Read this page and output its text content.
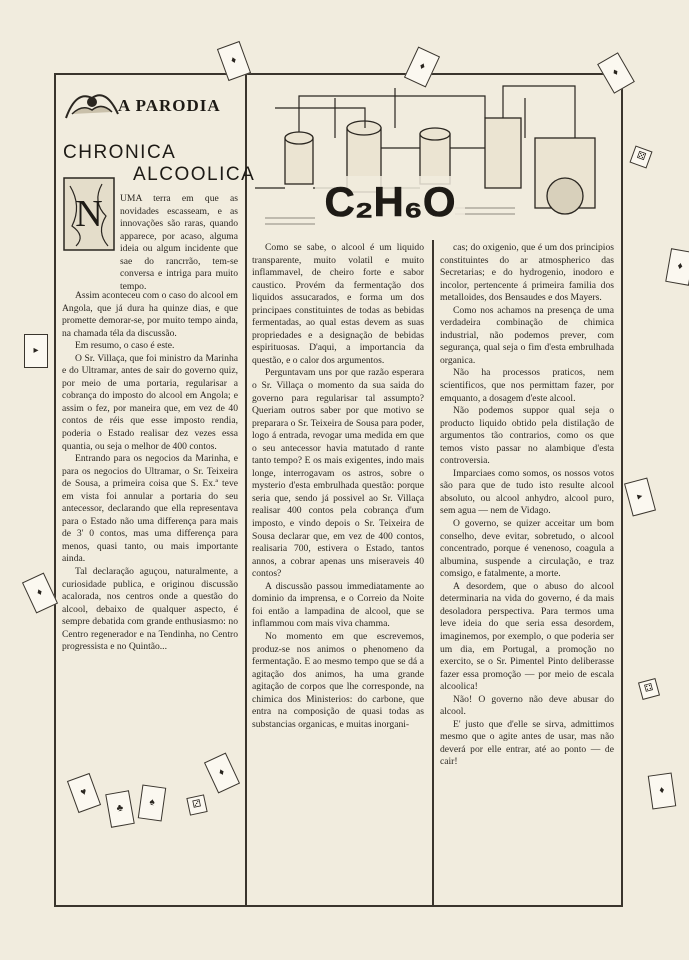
A PARODIA
CHRONICA
ALCOOLICA
N	C₂H₆O

UMA terra em que as novidades escasseam, e as innovações são raras, quando apparece, por acaso, alguma ideia ou algum incidente que sae do rancrrão, tem-se conversa e intriga para muito tempo.

Assim aconteceu com o caso do alcool em Angola, que já dura ha quinze dias, e que promette demorar-se, por muito tempo ainda, na chamada téla da discussão.

Em resumo, o caso é este.

O Sr. Villaça, que foi ministro da Marinha e do Ultramar, antes de sair do governo quiz, por meio de uma portaria, regularisar a cobrança do imposto do alcool em Angola; e assim o fez, por maneira que, em vez de 40 contos de réis que esse imposto rendia, poderia o Estado realisar dez vezes essa quantia, ou seja o melhor de 400 contos.

Entrando para os negocios da Marinha, e para os negocios do Ultramar, o Sr. Teixeira de Sousa, a primeira coisa que S. Ex.ª teve em vista foi annular a portaria do seu antecessor, declarando que ella representava para o Estado não uma differença para mais de 3' 0 contos, mas uma differença para menos, quasi tanto, ou mais importante ainda.

Tal declaração aguçou, naturalmente, a curiosidade publica, e originou discussão acalorada, nos centros onde a questão do alcool, debaixo de qualquer aspecto, é sempre debatida com grande enthusiasmo: no Centro regenerador e na Tendinha, no Centro progressista e no Quintão...

Como se sabe, o alcool é um liquido transparente, muito volatil e muito inflammavel, de cheiro forte e sabor caustico. Provém da fermentação dos liquidos assucarados, e forma um dos principaes constituintes de todas as bebidas fermentadas, ao qual estas devem as suas propriedades e a designação de bebidas espirituosas. D'aqui, a importancia da questão, e o calor dos argumentos.

Perguntavam uns por que razão esperara o Sr. Villaça o momento da sua saida do governo para regularisar tal assumpto? Queriam outros saber por que motivo se preparara o Sr. Teixeira de Sousa para poder, logo á entrada, revogar uma medida em que o seu antecessor havia matutado d rante tanto tempo? E os mais exigentes, indo mais longe, interrogavam os astros, sobre o mysterio d'esta embrulhada questão: porque seria que, sendo já possivel ao Sr. Villaça realisar 400 contos pela cobrança d'um imposto, e vindo depois o Sr. Teixeira de Sousa declarar que, em vez de 400 contos, realisaria 700, estivera o Estado, tantos annos, a cobrar apenas uns miseraveis 40 contos?

A discussão passou immediatamente ao dominio da imprensa, e o Correio da Noite foi então a lampadina de alcool, que se inflammou com mais viva chamma.

No momento em que escrevemos, produz-se nos animos o phenomeno da fermentação. E ao mesmo tempo que se dá a agitação dos animos, ha uma grande agitação de corpos que lhe corresponde, na chimica dos Ministerios: do carbone, que entra na composição de quasi todas as substancias organicas, e muitas inorgani-

cas; do oxigenio, que é um dos principios constituintes do ar atmospherico das Secretarias; e do hydrogenio, inodoro e incolor, pertencente á primeira familia dos metalloides, dos Bensaudes e dos Mayers.

Como nos achamos na presença de uma verdadeira combinação de chimica industrial, não podemos prever, com segurança, qual seja o fim d'esta embrulhada organica.

Não ha processos praticos, nem scientificos, que nos permittam fazer, por emquanto, a dosagem d'este alcool.

Não podemos suppor qual seja o producto liquido obtido pela distilação de argumentos tão contrarios, como os que temos visto passar no alambique d'esta controversia.

Imparciaes como somos, os nossos votos são para que de tudo isto resulte alcool absoluto, ou alcool anhydro, alcool puro, sem agua — nem de Vidago.

O governo, se quizer acceitar um bom conselho, deve evitar, sobretudo, o alcool concentrado, porque é venenoso, coagula a albumina, suspende a circulação, e traz comsigo, e fatalmente, a morte.

A desordem, que o abuso do alcool determinaria na vida do governo, é da mais desoladora perspectiva. Para termos uma leve ideia do que seria essa desordem, imaginemos, por exemplo, o que poderia ser um dia, em Portugal, a promoção no exercito, se o Sr. Pimentel Pinto deliberasse fazer essa promoção — por meio de escala alcoolica!

Não! O governo não deve abusar do alcool.

E' justo que d'elle se sirva, admittimos mesmo que o agite antes de usar, mas não deverá por elle entrar, até ao ponto — de cair!

♦	♦	♦
⚄
♦
▸
▸
♦
⚃
♦
♥
♣
♠	⚂
♦
